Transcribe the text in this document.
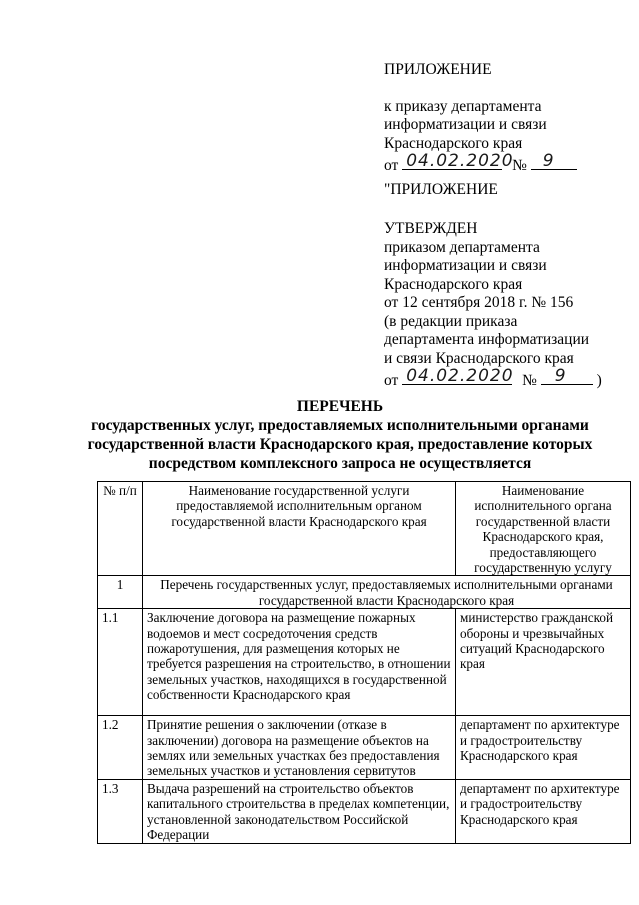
ПРИЛОЖЕНИЕ
к приказу департамента
информатизации и связи
Краснодарского края
от 04.02.2020
№ 9
"ПРИЛОЖЕНИЕ
УТВЕРЖДЕН
приказом департамента
информатизации и связи
Краснодарского края
от 12 сентября 2018 г. № 156
(в редакции приказа
департамента информатизации
и связи Краснодарского края
от 04.02.2020 № 9 )
ПЕРЕЧЕНЬ
государственных услуг, предоставляемых исполнительными органами
государственной власти Краснодарского края, предоставление которых
посредством комплексного запроса не осуществляется
№ п/п	Наименование государственной услуги предоставляемой исполнительным органом государственной власти Краснодарского края	Наименование исполнительного органа государственной власти Краснодарского края, предоставляющего государственную услугу
1	Перечень государственных услуг, предоставляемых исполнительными органами государственной власти Краснодарского края	
1.1	Заключение договора на размещение пожарных водоемов и мест сосредоточения средств пожаротушения, для размещения которых не требуется разрешения на строительство, в отношении земельных участков, находящихся в государственной собственности Краснодарского края	министерство гражданской обороны и чрезвычайных ситуаций Краснодарского края
1.2	Принятие решения о заключении (отказе в заключении) договора на размещение объектов на землях или земельных участках без предоставления земельных участков и установления сервитутов	департамент по архитектуре и градостроительству Краснодарского края
1.3	Выдача разрешений на строительство объектов капитального строительства в пределах компетенции, установленной законодательством Российской Федерации	департамент по архитектуре и градостроительству Краснодарского края
